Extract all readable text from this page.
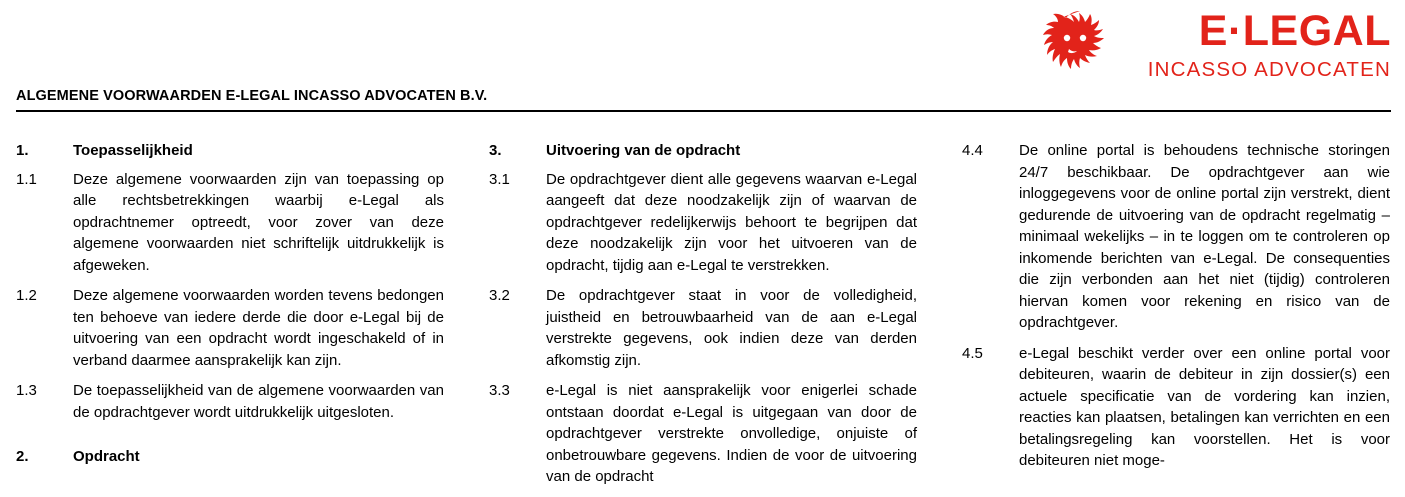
E·LEGAL
INCASSO ADVOCATEN
ALGEMENE VOORWAARDEN E-LEGAL INCASSO ADVOCATEN B.V.
1.	Toepasselijkheid
1.1	Deze algemene voorwaarden zijn van toepassing op alle rechtsbetrekkingen waarbij e-Legal als opdrachtnemer optreedt, voor zover van deze algemene voorwaarden niet schriftelijk uitdrukkelijk is afgeweken.
1.2	Deze algemene voorwaarden worden tevens bedongen ten behoeve van iedere derde die door e-Legal bij de uitvoering van een opdracht wordt ingeschakeld of in verband daarmee aansprakelijk kan zijn.
1.3	De toepasselijkheid van de algemene voorwaarden van de opdrachtgever wordt uitdrukkelijk uitgesloten.
2.	Opdracht
3.	Uitvoering van de opdracht
3.1	De opdrachtgever dient alle gegevens waarvan e-Legal aangeeft dat deze noodzakelijk zijn of waarvan de opdrachtgever redelijkerwijs behoort te begrijpen dat deze noodzakelijk zijn voor het uitvoeren van de opdracht, tijdig aan e-Legal te verstrekken.
3.2	De opdrachtgever staat in voor de volledigheid, juistheid en betrouwbaarheid van de aan e-Legal verstrekte gegevens, ook indien deze van derden afkomstig zijn.
3.3	e-Legal is niet aansprakelijk voor enigerlei schade ontstaan doordat e-Legal is uitgegaan van door de opdrachtgever verstrekte onvolledige, onjuiste of onbetrouwbare gegevens. Indien de voor de uitvoering van de opdracht
4.4	De online portal is behoudens technische storingen 24/7 beschikbaar. De opdrachtgever aan wie inloggegevens voor de online portal zijn verstrekt, dient gedurende de uitvoering van de opdracht regelmatig – minimaal wekelijks – in te loggen om te controleren op inkomende berichten van e-Legal. De consequenties die zijn verbonden aan het niet (tijdig) controleren hiervan komen voor rekening en risico van de opdrachtgever.
4.5	e-Legal beschikt verder over een online portal voor debiteuren, waarin de debiteur in zijn dossier(s) een actuele specificatie van de vordering kan inzien, reacties kan plaatsen, betalingen kan verrichten en een betalingsregeling kan voorstellen. Het is voor debiteuren niet moge-
